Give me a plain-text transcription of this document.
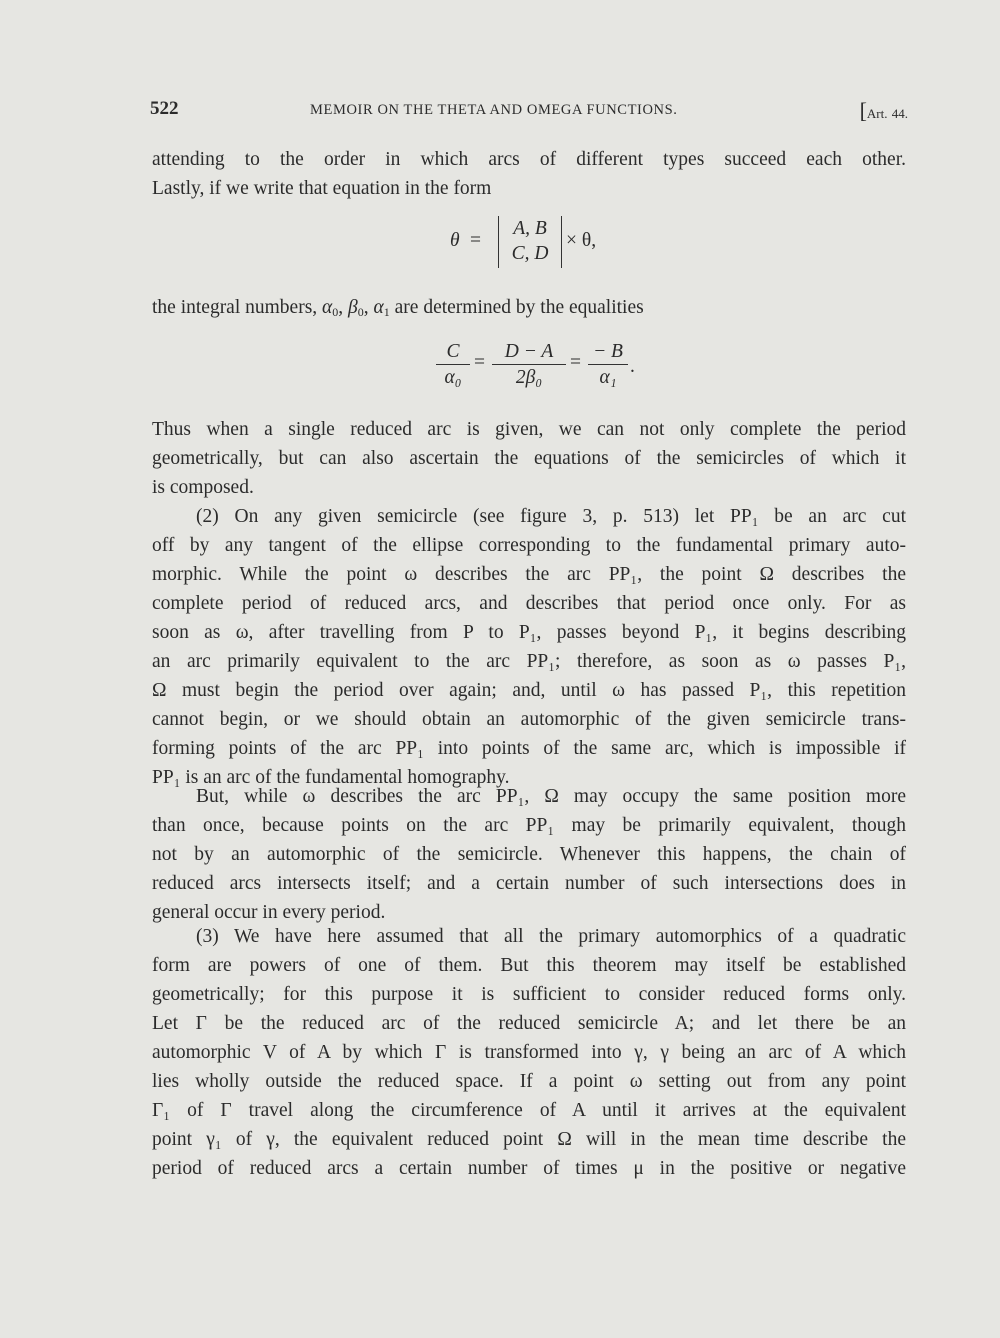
522	MEMOIR ON THE THETA AND OMEGA FUNCTIONS.	[Art. 44.
attending to the order in which arcs of different types succeed each other.
Lastly, if we write that equation in the form
θ =
A, B
C, D
× θ,
the integral numbers, $\alpha_0$, $\beta_0$, $\alpha_1$ are determined by the equalities
$\frac{C}{\text{α₀}} = \frac{D - A}{\text{2β₀}} = \frac{- B}{\text{α₁}}$ .
Thus when a single reduced arc is given, we can not only complete the period
geometrically, but can also ascertain the equations of the semicircles of which it
is composed.
(2) On any given semicircle (see figure 3, p. 513) let PP₁ be an arc cut
off by any tangent of the ellipse corresponding to the fundamental primary auto-
morphic. While the point ω describes the arc PP₁, the point Ω describes the
complete period of reduced arcs, and describes that period once only. For as
soon as ω, after travelling from P to P₁, passes beyond P₁, it begins describing
an arc primarily equivalent to the arc PP₁; therefore, as soon as ω passes P₁,
Ω must begin the period over again; and, until ω has passed P₁, this repetition
cannot begin, or we should obtain an automorphic of the given semicircle trans-
forming points of the arc PP₁ into points of the same arc, which is impossible if
PP₁ is an arc of the fundamental homography.
But, while ω describes the arc PP₁, Ω may occupy the same position more
than once, because points on the arc PP₁ may be primarily equivalent, though
not by an automorphic of the semicircle. Whenever this happens, the chain of
reduced arcs intersects itself; and a certain number of such intersections does in
general occur in every period.
(3) We have here assumed that all the primary automorphics of a quadratic
form are powers of one of them. But this theorem may itself be established
geometrically; for this purpose it is sufficient to consider reduced forms only.
Let Γ be the reduced arc of the reduced semicircle A; and let there be an
automorphic V of A by which Γ is transformed into γ, γ being an arc of A which
lies wholly outside the reduced space. If a point ω setting out from any point
Γ₁ of Γ travel along the circumference of A until it arrives at the equivalent
point γ₁ of γ, the equivalent reduced point Ω will in the mean time describe the
period of reduced arcs a certain number of times μ in the positive or negative
